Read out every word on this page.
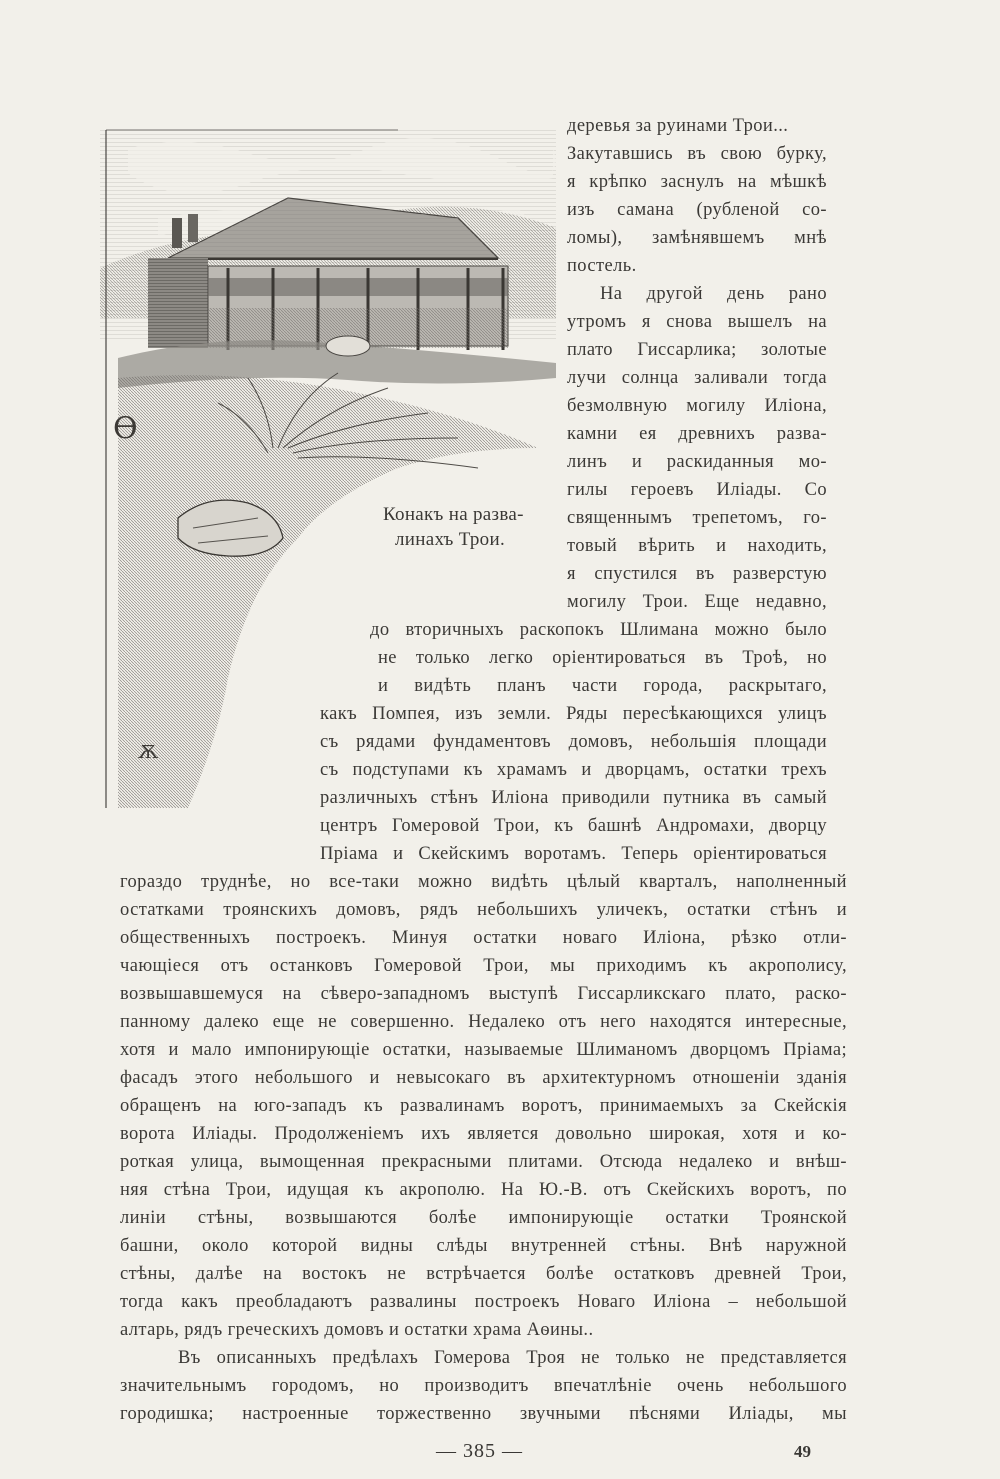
Ѳ
Ѫ
Конакъ на разва-
линахъ Трои.
деревья за руинами Трои...
Закутавшись въ свою бурку,
я крѣпко заснулъ на мѣшкѣ
изъ самана (рубленой со-
ломы), замѣнявшемъ мнѣ
постель.
На другой день рано
утромъ я снова вышелъ на
плато Гиссарлика; золотые
лучи солнца заливали тогда
безмолвную могилу Иліона,
камни ея древнихъ развa-
линъ и раскиданныя мо-
гилы героевъ Иліады. Со
священнымъ трепетомъ, го-
товый вѣрить и находить,
я спустился въ разверстую
могилу Трои. Еще недавно,
до вторичныхъ раскопокъ Шлимана можно было
не только легко оріентироваться въ Троѣ, но
и видѣть планъ части города, раскрытаго,
какъ Помпея, изъ земли. Ряды пересѣкающихся улицъ
съ рядами фундаментовъ домовъ, небольшія площади
съ подступами къ храмамъ и дворцамъ, остатки трехъ
различныхъ стѣнъ Иліона приводили путника въ самый
центръ Гомеровой Трои, къ башнѣ Андромахи, дворцу
Пріама и Скейскимъ воротамъ. Теперь оріентироваться
гораздо труднѣе, но все-таки можно видѣть цѣлый кварталъ, наполненный
остатками троянскихъ домовъ, рядъ небольшихъ уличекъ, остатки стѣнъ и
общественныхъ построекъ. Минуя остатки новаго Иліона, рѣзко отли-
чающіеся отъ останковъ Гомеровой Трои, мы приходимъ къ акрополису,
возвышавшемуся на сѣверо-западномъ выступѣ Гиссарликскаго плато, раско-
панному далеко еще не совершенно. Недалеко отъ него находятся интересные,
хотя и мало импонирующіе остатки, называемые Шлиманомъ дворцомъ Пріама;
фасадъ этого небольшого и невысокаго въ архитектурномъ отношеніи зданія
обращенъ на юго-западъ къ развалинамъ воротъ, принимаемыхъ за Скейскія
ворота Иліады. Продолженіемъ ихъ является довольно широкая, хотя и ко-
роткая улица, вымощенная прекрасными плитами. Отсюда недалеко и внѣш-
няя стѣна Трои, идущая къ акрополю. На Ю.-В. отъ Скейскихъ воротъ, по
линіи стѣны, возвышаются болѣе импонирующіе остатки Троянской
башни, около которой видны слѣды внутренней стѣны. Внѣ наружной
стѣны, далѣе на востокъ не встрѣчается болѣе остатковъ древней Трои,
тогда какъ преобладаютъ развалины построекъ Новаго Иліона – небольшой
алтарь, рядъ греческихъ домовъ и остатки храма Аѳины..
Въ описанныхъ предѣлахъ Гомерова Троя не только не представляется
значительнымъ городомъ, но производитъ впечатлѣніе очень небольшого
городишка; настроенные торжественно звучными пѣснями Иліады, мы
— 385 —	49
